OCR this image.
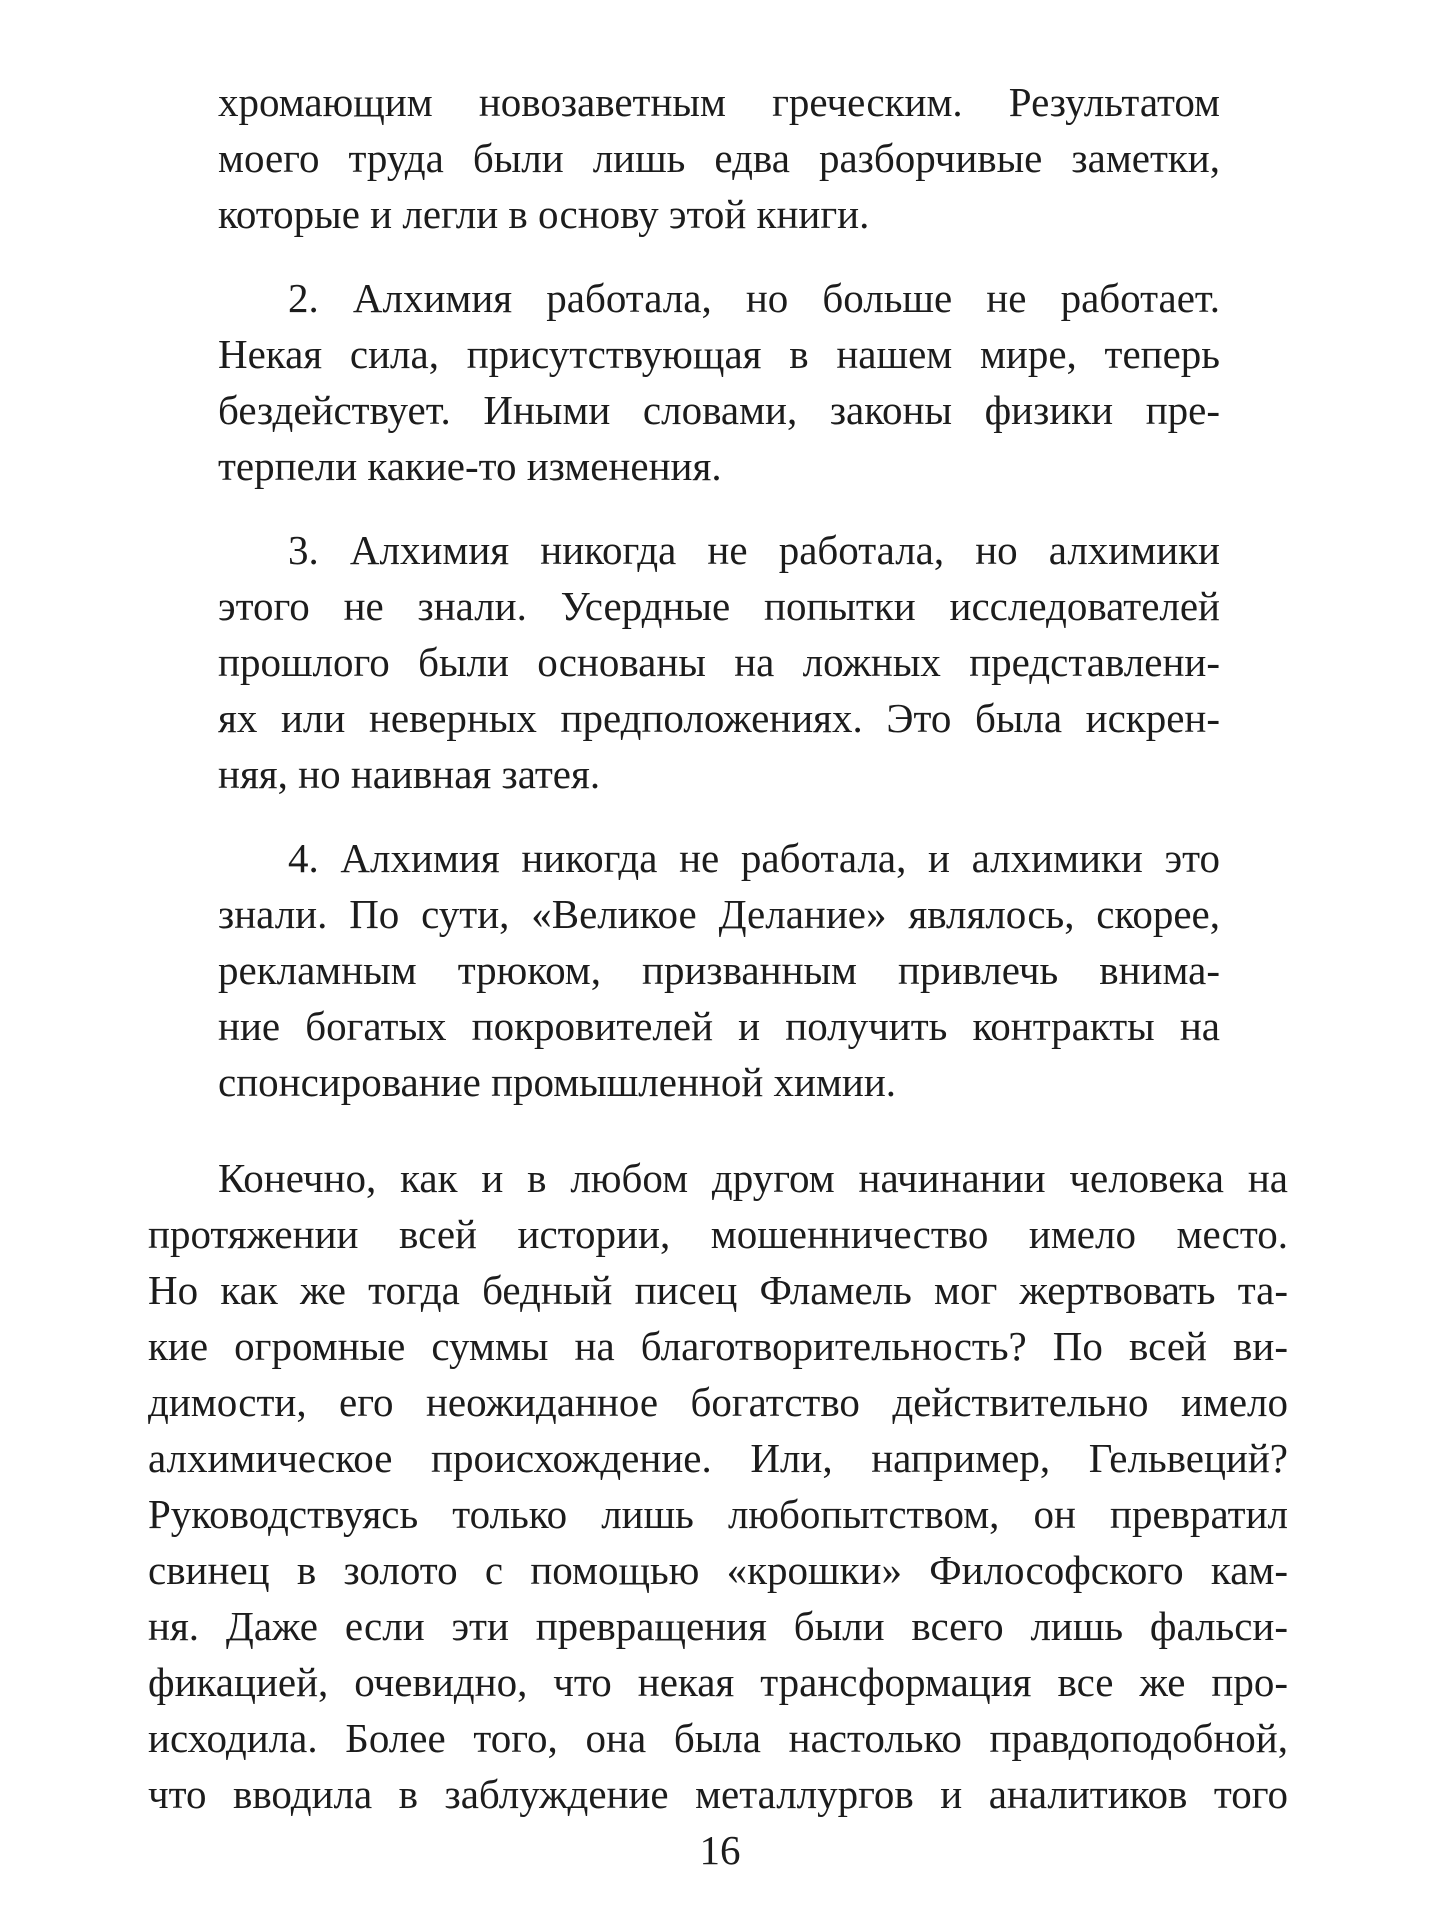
хромающим новозаветным греческим. Результатом
моего труда были лишь едва разборчивые заметки,
которые и легли в основу этой книги.
2. Алхимия работала, но больше не работает.
Некая сила, присутствующая в нашем мире, теперь
бездействует. Иными словами, законы физики пре-
терпели какие-то изменения.
3. Алхимия никогда не работала, но алхимики
этого не знали. Усердные попытки исследователей
прошлого были основаны на ложных представлени-
ях или неверных предположениях. Это была искрен-
няя, но наивная затея.
4. Алхимия никогда не работала, и алхимики это
знали. По сути, «Великое Делание» являлось, скорее,
рекламным трюком, призванным привлечь внима-
ние богатых покровителей и получить контракты на
спонсирование промышленной химии.
Конечно, как и в любом другом начинании человека на
протяжении всей истории, мошенничество имело место.
Но как же тогда бедный писец Фламель мог жертвовать та-
кие огромные суммы на благотворительность? По всей ви-
димости, его неожиданное богатство действительно имело
алхимическое происхождение. Или, например, Гельвеций?
Руководствуясь только лишь любопытством, он превратил
свинец в золото с помощью «крошки» Философского кам-
ня. Даже если эти превращения были всего лишь фальси-
фикацией, очевидно, что некая трансформация все же про-
исходила. Более того, она была настолько правдоподобной,
что вводила в заблуждение металлургов и аналитиков того
16
